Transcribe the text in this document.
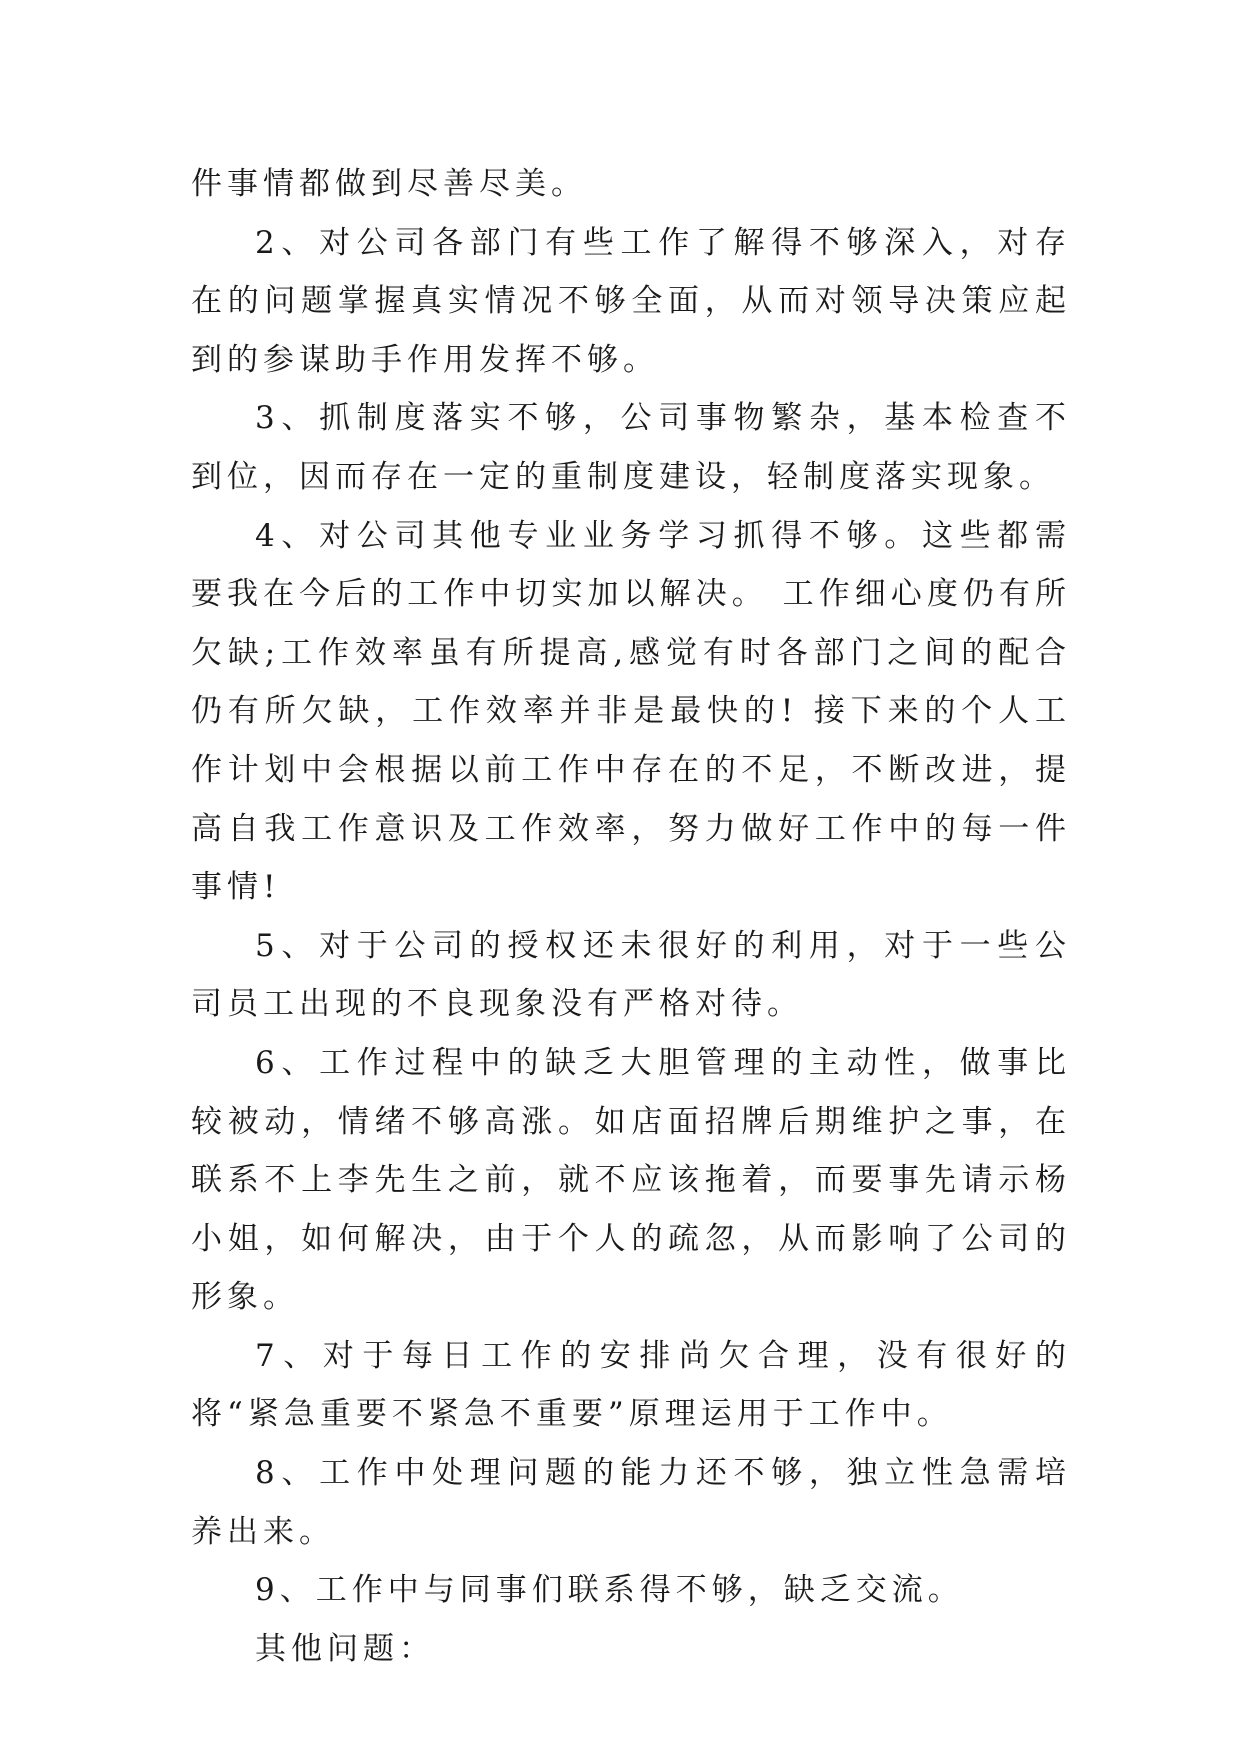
件事情都做到尽善尽美。

2、对公司各部门有些工作了解得不够深入，对存在的问题掌握真实情况不够全面，从而对领导决策应起到的参谋助手作用发挥不够。

3、抓制度落实不够，公司事物繁杂，基本检查不到位，因而存在一定的重制度建设，轻制度落实现象。

4、对公司其他专业业务学习抓得不够。这些都需要我在今后的工作中切实加以解决。 工作细心度仍有所欠缺;工作效率虽有所提高,感觉有时各部门之间的配合仍有所欠缺，工作效率并非是最快的! 接下来的个人工作计划中会根据以前工作中存在的不足，不断改进，提高自我工作意识及工作效率，努力做好工作中的每一件事情!

5、对于公司的授权还未很好的利用，对于一些公司员工出现的不良现象没有严格对待。

6、工作过程中的缺乏大胆管理的主动性，做事比较被动，情绪不够高涨。如店面招牌后期维护之事，在联系不上李先生之前，就不应该拖着，而要事先请示杨小姐，如何解决，由于个人的疏忽，从而影响了公司的形象。

7、对于每日工作的安排尚欠合理，没有很好的将“紧急重要不紧急不重要”原理运用于工作中。

8、工作中处理问题的能力还不够，独立性急需培养出来。

9、工作中与同事们联系得不够，缺乏交流。

其他问题：
